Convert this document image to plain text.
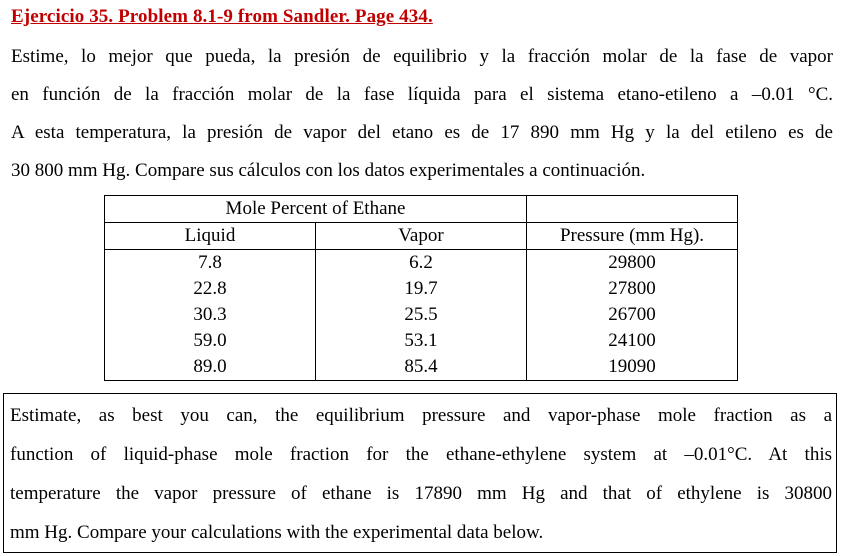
Ejercicio 35. Problem 8.1-9 from Sandler. Page 434.
Estime, lo mejor que pueda, la presión de equilibrio y la fracción molar de la fase de vapor
en función de la fracción molar de la fase líquida para el sistema etano-etileno a –0.01 °C.
A esta temperatura, la presión de vapor del etano es de 17 890 mm Hg y la del etileno es de
30 800 mm Hg. Compare sus cálculos con los datos experimentales a continuación.
Mole Percent of Ethane		
Liquid	Vapor	Pressure (mm Hg).
7.8	6.2	29800
22.8	19.7	27800
30.3	25.5	26700
59.0	53.1	24100
89.0	85.4	19090
Estimate, as best you can, the equilibrium pressure and vapor-phase mole fraction as a
function of liquid-phase mole fraction for the ethane-ethylene system at –0.01°C. At this
temperature the vapor pressure of ethane is 17890 mm Hg and that of ethylene is 30800
mm Hg. Compare your calculations with the experimental data below.
